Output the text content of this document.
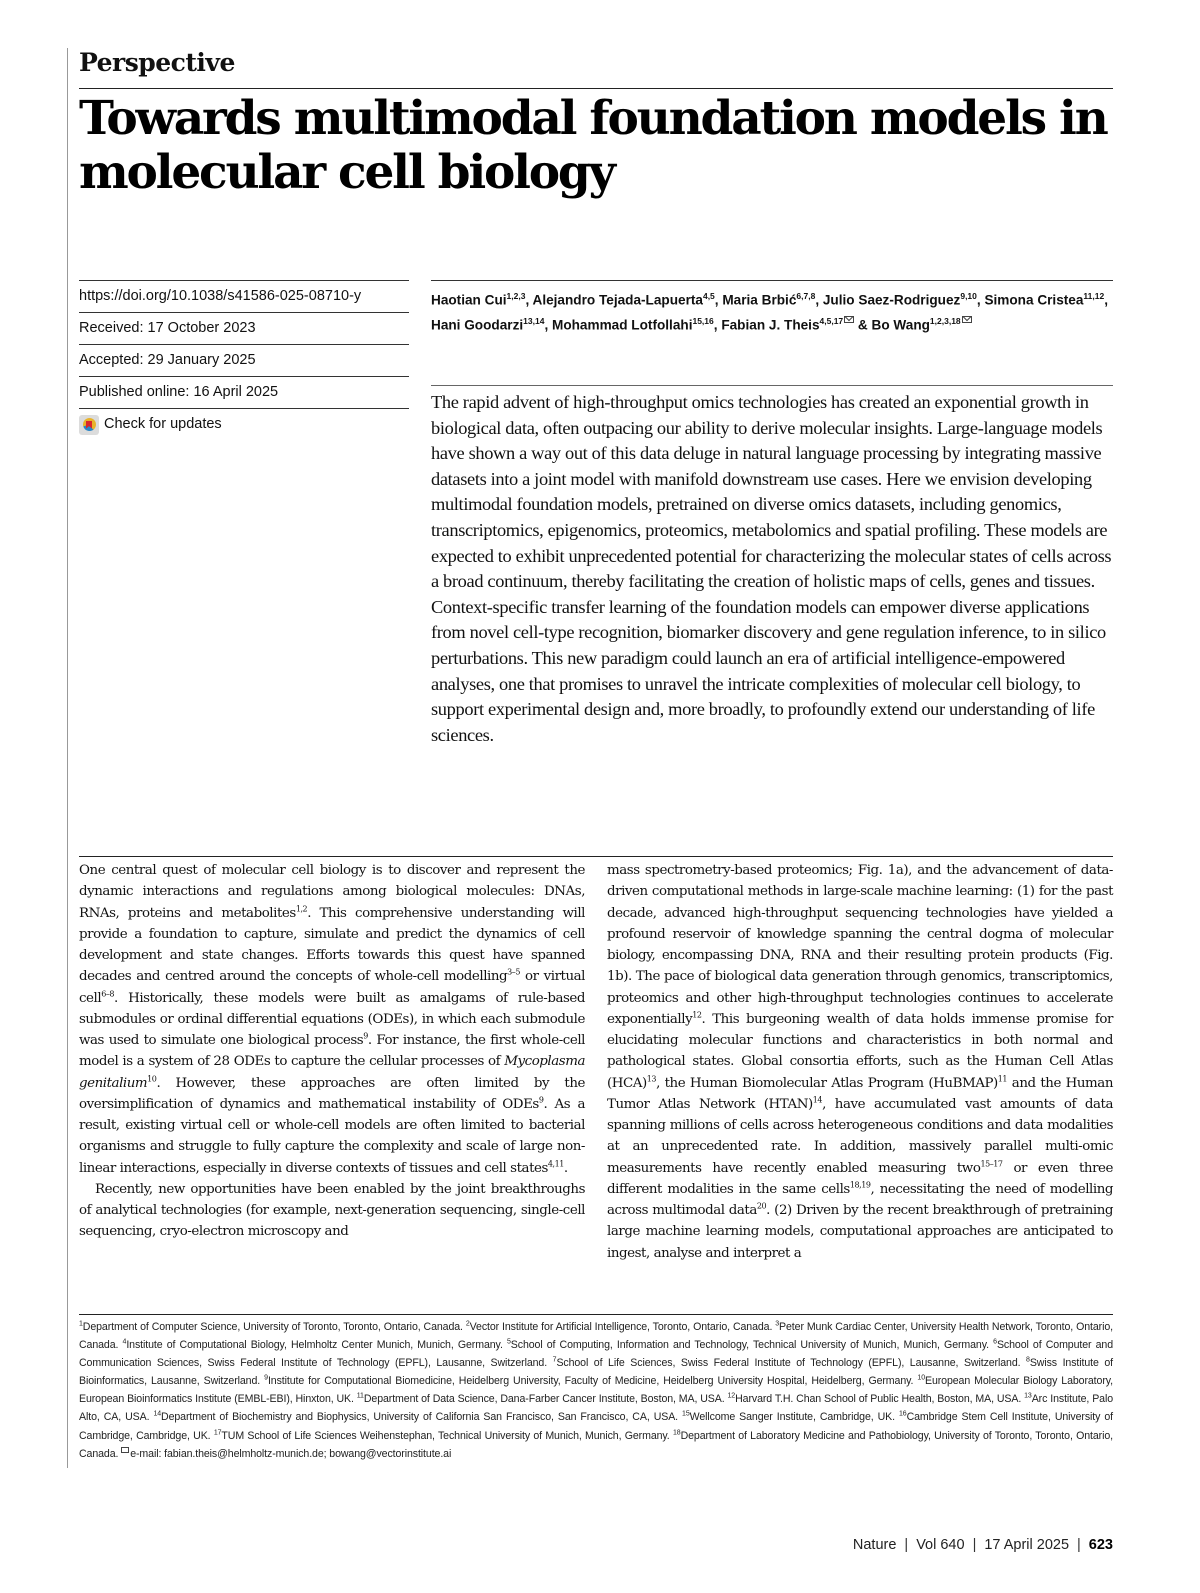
Perspective
Towards multimodal foundation models in molecular cell biology
https://doi.org/10.1038/s41586-025-08710-y
Received: 17 October 2023
Accepted: 29 January 2025
Published online: 16 April 2025
Check for updates
Haotian Cui$^{1,2,3}$, Alejandro Tejada-Lapuerta$^{4,5}$, Maria Brbić$^{6,7,8}$, Julio Saez-Rodriguez$^{9,10}$, Simona Cristea$^{11,12}$, Hani Goodarzi$^{13,14}$, Mohammad Lotfollahi$^{15,16}$, Fabian J. Theis$^{4,5,17}$ & Bo Wang$^{1,2,3,18}$

The rapid advent of high-throughput omics technologies has created an exponential growth in biological data, often outpacing our ability to derive molecular insights. Large-language models have shown a way out of this data deluge in natural language processing by integrating massive datasets into a joint model with manifold downstream use cases. Here we envision developing multimodal foundation models, pretrained on diverse omics datasets, including genomics, transcriptomics, epigenomics, proteomics, metabolomics and spatial profiling. These models are expected to exhibit unprecedented potential for characterizing the molecular states of cells across a broad continuum, thereby facilitating the creation of holistic maps of cells, genes and tissues. Context-specific transfer learning of the foundation models can empower diverse applications from novel cell-type recognition, biomarker discovery and gene regulation inference, to in silico perturbations. This new paradigm could launch an era of artificial intelligence-empowered analyses, one that promises to unravel the intricate complexities of molecular cell biology, to support experimental design and, more broadly, to profoundly extend our understanding of life sciences.

One central quest of molecular cell biology is to discover and represent the dynamic interactions and regulations among biological molecules: DNAs, RNAs, proteins and metabolites$^{1,2}$. This comprehensive understanding will provide a foundation to capture, simulate and predict the dynamics of cell development and state changes. Efforts towards this quest have spanned decades and centred around the concepts of whole-cell modelling$^{3-5}$ or virtual cell$^{6-8}$. Historically, these models were built as amalgams of rule-based submodules or ordinal differential equations (ODEs), in which each submodule was used to simulate one biological process$^9$. For instance, the first whole-cell model is a system of 28 ODEs to capture the cellular processes of Mycoplasma genitalium$^{10}$. However, these approaches are often limited by the oversimplification of dynamics and mathematical instability of ODEs$^9$. As a result, existing virtual cell or whole-cell models are often limited to bacterial organisms and struggle to fully capture the complexity and scale of large non-linear interactions, especially in diverse contexts of tissues and cell states$^{4,11}$.

Recently, new opportunities have been enabled by the joint breakthroughs of analytical technologies (for example, next-generation sequencing, single-cell sequencing, cryo-electron microscopy and

mass spectrometry-based proteomics; Fig. 1a), and the advancement of data-driven computational methods in large-scale machine learning: (1) for the past decade, advanced high-throughput sequencing technologies have yielded a profound reservoir of knowledge spanning the central dogma of molecular biology, encompassing DNA, RNA and their resulting protein products (Fig. 1b). The pace of biological data generation through genomics, transcriptomics, proteomics and other high-throughput technologies continues to accelerate exponentially$^{12}$. This burgeoning wealth of data holds immense promise for elucidating molecular functions and characteristics in both normal and pathological states. Global consortia efforts, such as the Human Cell Atlas (HCA)$^{13}$, the Human Biomolecular Atlas Program (HuBMAP)$^{11}$ and the Human Tumor Atlas Network (HTAN)$^{14}$, have accumulated vast amounts of data spanning millions of cells across heterogeneous conditions and data modalities at an unprecedented rate. In addition, massively parallel multi-omic measurements have recently enabled measuring two$^{15-17}$ or even three different modalities in the same cells$^{18,19}$, necessitating the need of modelling across multimodal data$^{20}$. (2) Driven by the recent breakthrough of pretraining large machine learning models, computational approaches are anticipated to ingest, analyse and interpret a

$^1$Department of Computer Science, University of Toronto, Toronto, Ontario, Canada. $^2$Vector Institute for Artificial Intelligence, Toronto, Ontario, Canada. $^3$Peter Munk Cardiac Center, University Health Network, Toronto, Ontario, Canada. $^4$Institute of Computational Biology, Helmholtz Center Munich, Munich, Germany. $^5$School of Computing, Information and Technology, Technical University of Munich, Munich, Germany. $^6$School of Computer and Communication Sciences, Swiss Federal Institute of Technology (EPFL), Lausanne, Switzerland. $^7$School of Life Sciences, Swiss Federal Institute of Technology (EPFL), Lausanne, Switzerland. $^8$Swiss Institute of Bioinformatics, Lausanne, Switzerland. $^9$Institute for Computational Biomedicine, Heidelberg University, Faculty of Medicine, Heidelberg University Hospital, Heidelberg, Germany. $^{10}$European Molecular Biology Laboratory, European Bioinformatics Institute (EMBL-EBI), Hinxton, UK. $^{11}$Department of Data Science, Dana-Farber Cancer Institute, Boston, MA, USA. $^{12}$Harvard T.H. Chan School of Public Health, Boston, MA, USA. $^{13}$Arc Institute, Palo Alto, CA, USA. $^{14}$Department of Biochemistry and Biophysics, University of California San Francisco, San Francisco, CA, USA. $^{15}$Wellcome Sanger Institute, Cambridge, UK. $^{16}$Cambridge Stem Cell Institute, University of Cambridge, Cambridge, UK. $^{17}$TUM School of Life Sciences Weihenstephan, Technical University of Munich, Munich, Germany. $^{18}$Department of Laboratory Medicine and Pathobiology, University of Toronto, Toronto, Ontario, Canada. e-mail: fabian.theis@helmholtz-munich.de; bowang@vectorinstitute.ai
Nature | Vol 640 | 17 April 2025 | 623
